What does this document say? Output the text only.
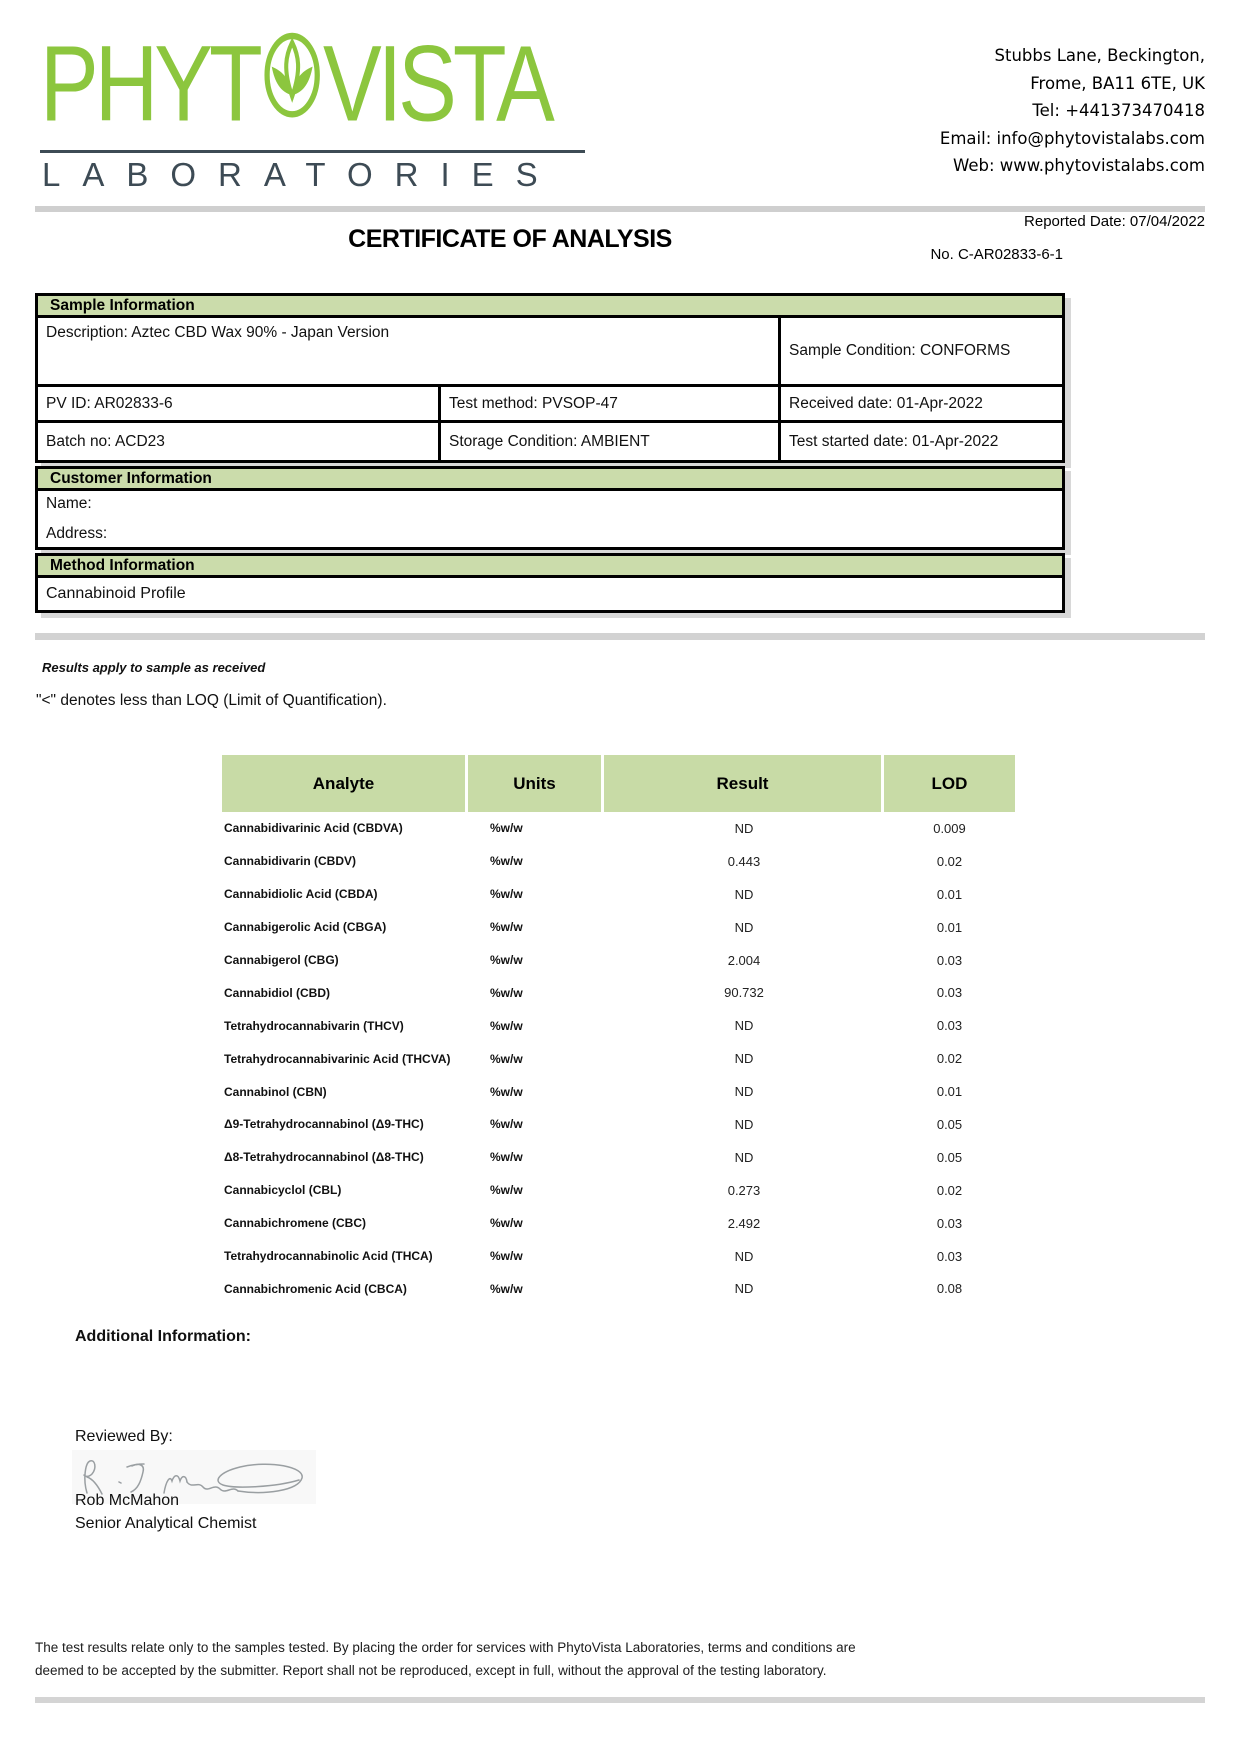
PHYT VISTA
LABORATORIES
Stubbs Lane, Beckington,
Frome, BA11 6TE, UK
Tel: +441373470418
Email: info@phytovistalabs.com
Web: www.phytovistalabs.com
Reported Date: 07/04/2022
CERTIFICATE OF ANALYSIS
No. C-AR02833-6-1
Sample Information
Description: Aztec CBD Wax 90% - Japan Version
Sample Condition: CONFORMS
PV ID: AR02833-6	Test method: PVSOP-47	Received date: 01-Apr-2022
Batch no: ACD23	Storage Condition: AMBIENT	Test started date: 01-Apr-2022
Customer Information
Name:
Address:
Method Information
Cannabinoid Profile
Results apply to sample as received
"<" denotes less than LOQ (Limit of Quantification).
Analyte	Units	Result	LOD
Cannabidivarinic Acid (CBDVA)	%w/w	ND	0.009
Cannabidivarin (CBDV)	%w/w	0.443	0.02
Cannabidiolic Acid (CBDA)	%w/w	ND	0.01
Cannabigerolic Acid (CBGA)	%w/w	ND	0.01
Cannabigerol (CBG)	%w/w	2.004	0.03
Cannabidiol (CBD)	%w/w	90.732	0.03
Tetrahydrocannabivarin (THCV)	%w/w	ND	0.03
Tetrahydrocannabivarinic Acid (THCVA)	%w/w	ND	0.02
Cannabinol (CBN)	%w/w	ND	0.01
Δ9-Tetrahydrocannabinol (Δ9-THC)	%w/w	ND	0.05
Δ8-Tetrahydrocannabinol (Δ8-THC)	%w/w	ND	0.05
Cannabicyclol (CBL)	%w/w	0.273	0.02
Cannabichromene (CBC)	%w/w	2.492	0.03
Tetrahydrocannabinolic Acid (THCA)	%w/w	ND	0.03
Cannabichromenic Acid (CBCA)	%w/w	ND	0.08
Additional Information:
Reviewed By:
Rob McMahon
Senior Analytical Chemist
The test results relate only to the samples tested. By placing the order for services with PhytoVista Laboratories, terms and conditions are
deemed to be accepted by the submitter. Report shall not be reproduced, except in full, without the approval of the testing laboratory.
